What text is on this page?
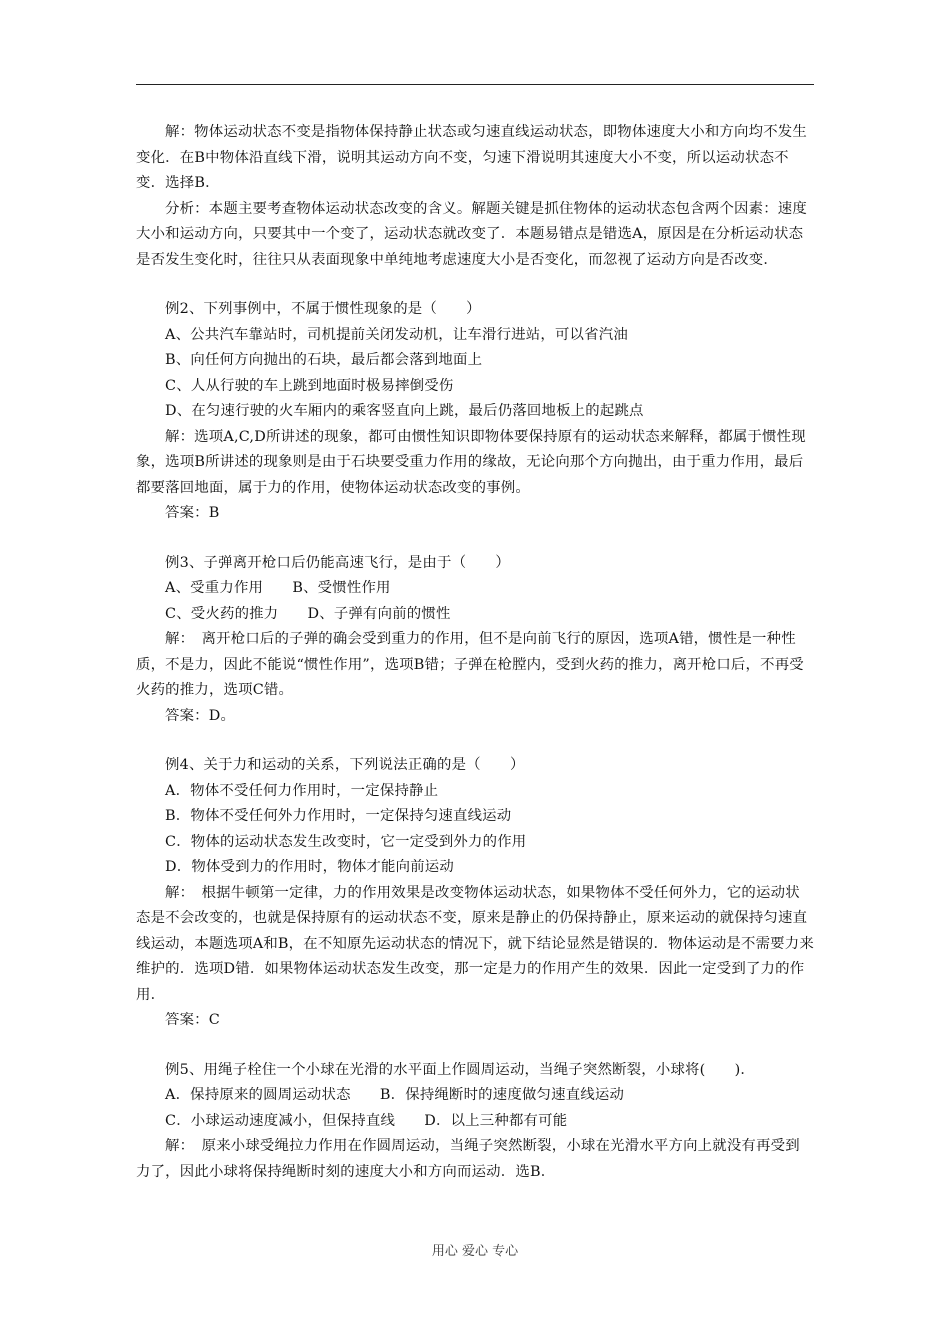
解：物体运动状态不变是指物体保持静止状态或匀速直线运动状态，即物体速度大小和方向均不发生变化．在B中物体沿直线下滑，说明其运动方向不变，匀速下滑说明其速度大小不变，所以运动状态不变．选择B．

分析：本题主要考查物体运动状态改变的含义。解题关键是抓住物体的运动状态包含两个因素：速度大小和运动方向，只要其中一个变了，运动状态就改变了．本题易错点是错选A，原因是在分析运动状态是否发生变化时，往往只从表面现象中单纯地考虑速度大小是否变化，而忽视了运动方向是否改变．

例2、下列事例中，不属于惯性现象的是（　　）

A、公共汽车靠站时，司机提前关闭发动机，让车滑行进站，可以省汽油

B、向任何方向抛出的石块，最后都会落到地面上

C、人从行驶的车上跳到地面时极易摔倒受伤

D、在匀速行驶的火车厢内的乘客竖直向上跳，最后仍落回地板上的起跳点

解：选项A,C,D所讲述的现象，都可由惯性知识即物体要保持原有的运动状态来解释，都属于惯性现象，选项B所讲述的现象则是由于石块要受重力作用的缘故，无论向那个方向抛出，由于重力作用，最后都要落回地面，属于力的作用，使物体运动状态改变的事例。

答案：B

例3、子弹离开枪口后仍能高速飞行，是由于（　　）

A、受重力作用　　B、受惯性作用

C、受火药的推力　　D、子弹有向前的惯性

解：　离开枪口后的子弹的确会受到重力的作用，但不是向前飞行的原因，选项A错，惯性是一种性质，不是力，因此不能说“惯性作用”，选项B错；子弹在枪膛内，受到火药的推力，离开枪口后，不再受火药的推力，选项C错。

答案：D。

例4、关于力和运动的关系，下列说法正确的是（　　）

A．物体不受任何力作用时，一定保持静止

B．物体不受任何外力作用时，一定保持匀速直线运动

C．物体的运动状态发生改变时，它一定受到外力的作用

D．物体受到力的作用时，物体才能向前运动

解：　根据牛顿第一定律，力的作用效果是改变物体运动状态，如果物体不受任何外力，它的运动状态是不会改变的，也就是保持原有的运动状态不变，原来是静止的仍保持静止，原来运动的就保持匀速直线运动，本题选项A和B，在不知原先运动状态的情况下，就下结论显然是错误的．物体运动是不需要力来维护的．选项D错．如果物体运动状态发生改变，那一定是力的作用产生的效果．因此一定受到了力的作用．

答案：C

例5、用绳子栓住一个小球在光滑的水平面上作圆周运动，当绳子突然断裂，小球将(　　)．

A．保持原来的圆周运动状态　　B．保持绳断时的速度做匀速直线运动

C．小球运动速度减小，但保持直线　　D．以上三种都有可能

解：　原来小球受绳拉力作用在作圆周运动，当绳子突然断裂，小球在光滑水平方向上就没有再受到力了，因此小球将保持绳断时刻的速度大小和方向而运动．选B．

用心 爱心 专心
